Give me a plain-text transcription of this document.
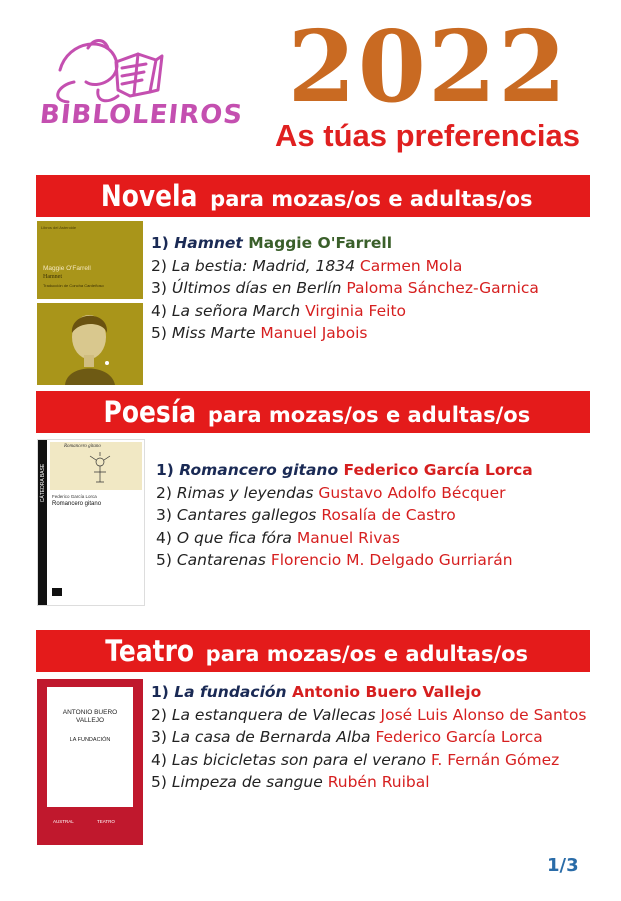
BIBLOLEIROS 2022
As túas preferencias
Novela para mozas/os e adultas/os
Libros del Asteroide
Maggie O'Farrell
Hamnet
Traducción de Concha Cardeñoso
1) Hamnet Maggie O'Farrell
2) La bestia: Madrid, 1834 Carmen Mola
3) Últimos días en Berlín Paloma Sánchez-Garnica
4) La señora March Virginia Feito
5) Miss Marte Manuel Jabois
Poesía para mozas/os e adultas/os
CÁTEDRA BASE
Romancero gitano
Federico García Lorca
Romancero gitano
1) Romancero gitano Federico García Lorca
2) Rimas y leyendas Gustavo Adolfo Bécquer
3) Cantares gallegos Rosalía de Castro
4) O que fica fóra Manuel Rivas
5) Cantarenas Florencio M. Delgado Gurriarán
Teatro para mozas/os e adultas/os
ANTONIO BUERO VALLEJO
LA FUNDACIÓN
AUSTRAL	TEATRO
1) La fundación Antonio Buero Vallejo
2) La estanquera de Vallecas José Luis Alonso de Santos
3) La casa de Bernarda Alba Federico García Lorca
4) Las bicicletas son para el verano F. Fernán Gómez
5) Limpeza de sangue Rubén Ruibal
1/3
